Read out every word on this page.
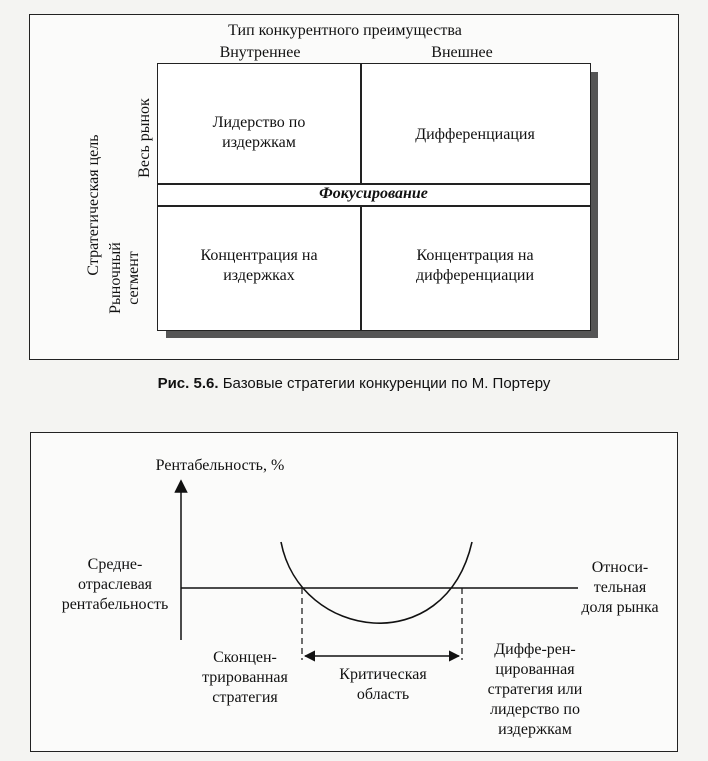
Тип конкурентного преимущества
Внутреннее	Внешнее
Лидерство по издержкам	Дифференциация
Фокусирование
Концентрация на издержках
Концентрация на дифференциации
Стратегическая цель Весь рынок
Рыночный сегмент
Рис. 5.6. Базовые стратегии конкуренции по М. Портеру
Рентабельность, %
Относи-тельная доля рынка
Средне-отраслевая рентабельность
Сконцен-трированная стратегия
Критическая область
Диффе-рен-цированная стратегия или лидерство по издержкам
